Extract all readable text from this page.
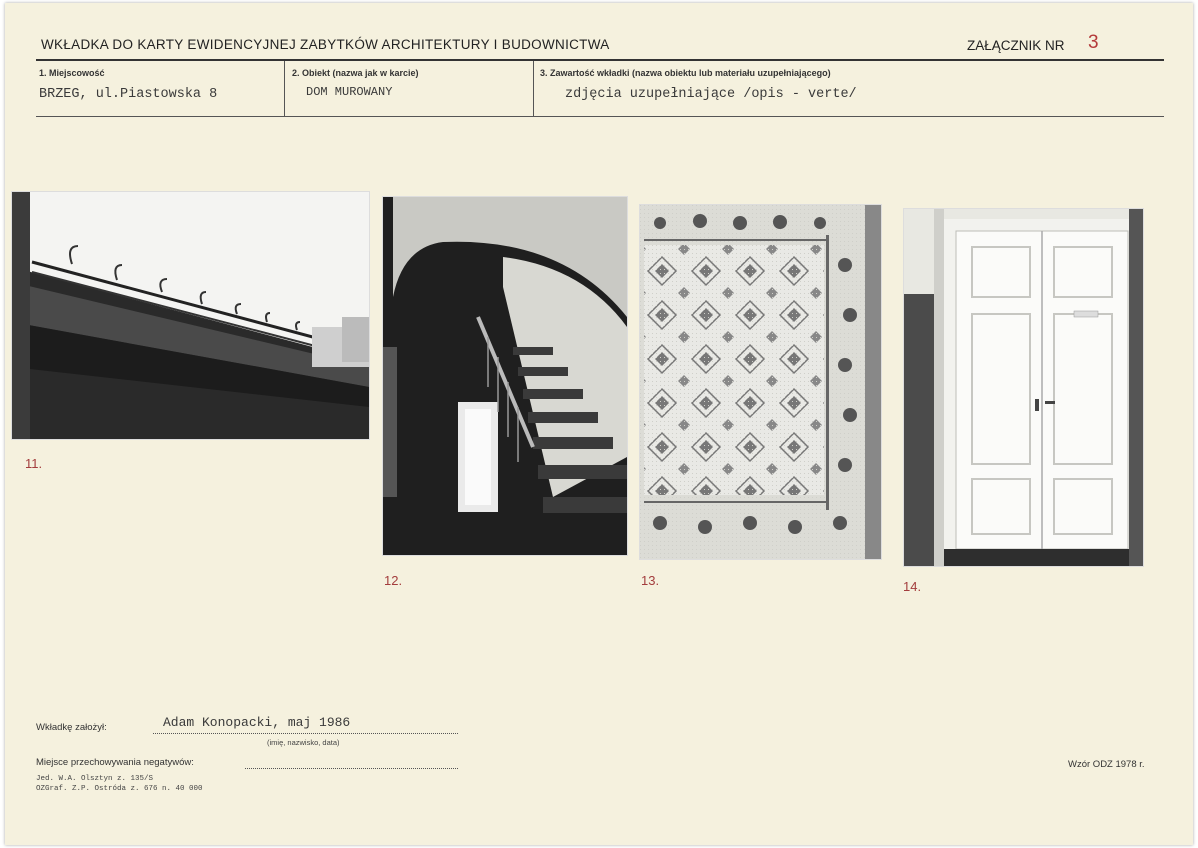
WKŁADKA DO KARTY EWIDENCYJNEJ ZABYTKÓW ARCHITEKTURY I BUDOWNICTWA	ZAŁĄCZNIK NR 3
1. Miejscowość
BRZEG, ul.Piastowska 8
2. Obiekt (nazwa jak w karcie)
DOM MUROWANY
3. Zawartość wkładki (nazwa obiektu lub materiału uzupełniającego)
zdjęcia uzupełniające /opis - verte/
11.
12.	13.	14.
Wkładkę założył:	Adam Konopacki, maj 1986
(imię, nazwisko, data)
Miejsce przechowywania negatywów:
Jed. W.A. Olsztyn z. 135/S
OZGraf. Z.P. Ostróda z. 676 n. 40 000
Wzór ODZ 1978 r.
